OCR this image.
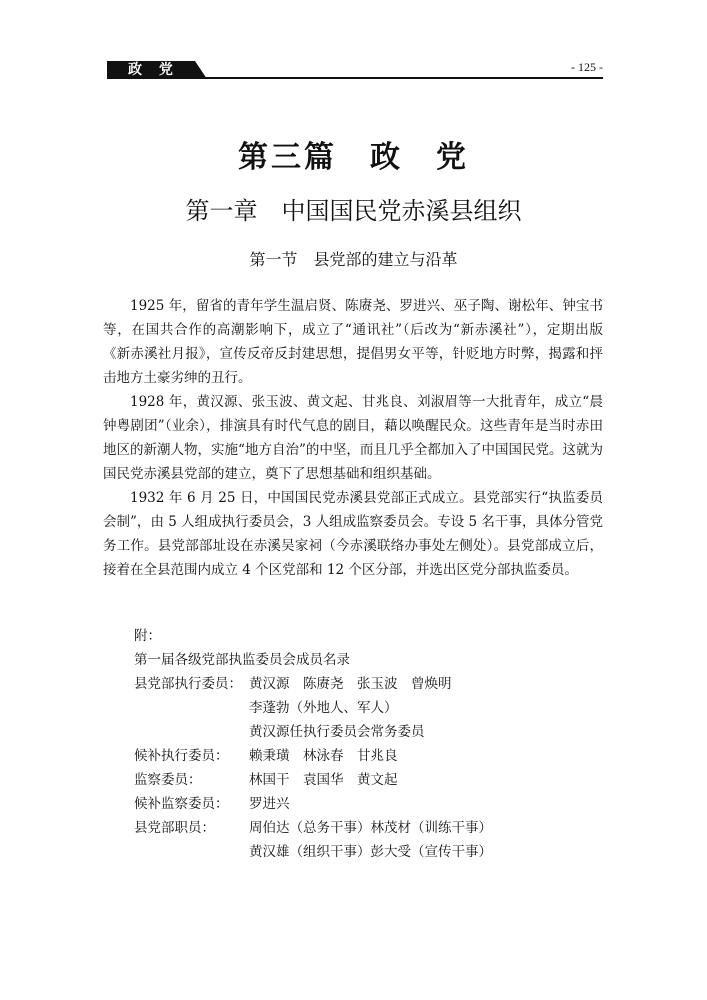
政 党	- 125 -
第三篇　政　党
第一章　中国国民党赤溪县组织
第一节　县党部的建立与沿革

1925 年，留省的青年学生温启贤、陈赓尧、罗进兴、巫子陶、谢松年、钟宝书等，在国共合作的高潮影响下，成立了“通讯社”（后改为“新赤溪社”），定期出版《新赤溪社月报》，宣传反帝反封建思想，提倡男女平等，针贬地方时弊，揭露和抨击地方土豪劣绅的丑行。

1928 年，黄汉源、张玉波、黄文起、甘兆良、刘淑眉等一大批青年，成立“晨钟粤剧团”（业余），排演具有时代气息的剧目，藉以唤醒民众。这些青年是当时赤田地区的新潮人物，实施“地方自治”的中坚，而且几乎全都加入了中国国民党。这就为国民党赤溪县党部的建立，奠下了思想基础和组织基础。

1932 年 6 月 25 日，中国国民党赤溪县党部正式成立。县党部实行“执监委员会制”，由 5 人组成执行委员会，3 人组成监察委员会。专设 5 名干事，具体分管党务工作。县党部部址设在赤溪吴家祠（今赤溪联络办事处左侧处）。县党部成立后，接着在全县范围内成立 4 个区党部和 12 个区分部，并选出区党分部执监委员。

附：
第一届各级党部执监委员会成员名录
县党部执行委员： 黄汉源　陈赓尧　张玉波　曾焕明
李蓬勃（外地人、军人）
黄汉源任执行委员会常务委员
候补执行委员：	赖秉璜　林泳春　甘兆良
监察委员：	林国干　袁国华　黄文起
候补监察委员：	罗进兴
县党部职员：	周伯达（总务干事）林茂材（训练干事）
黄汉雄（组织干事）彭大受（宣传干事）
